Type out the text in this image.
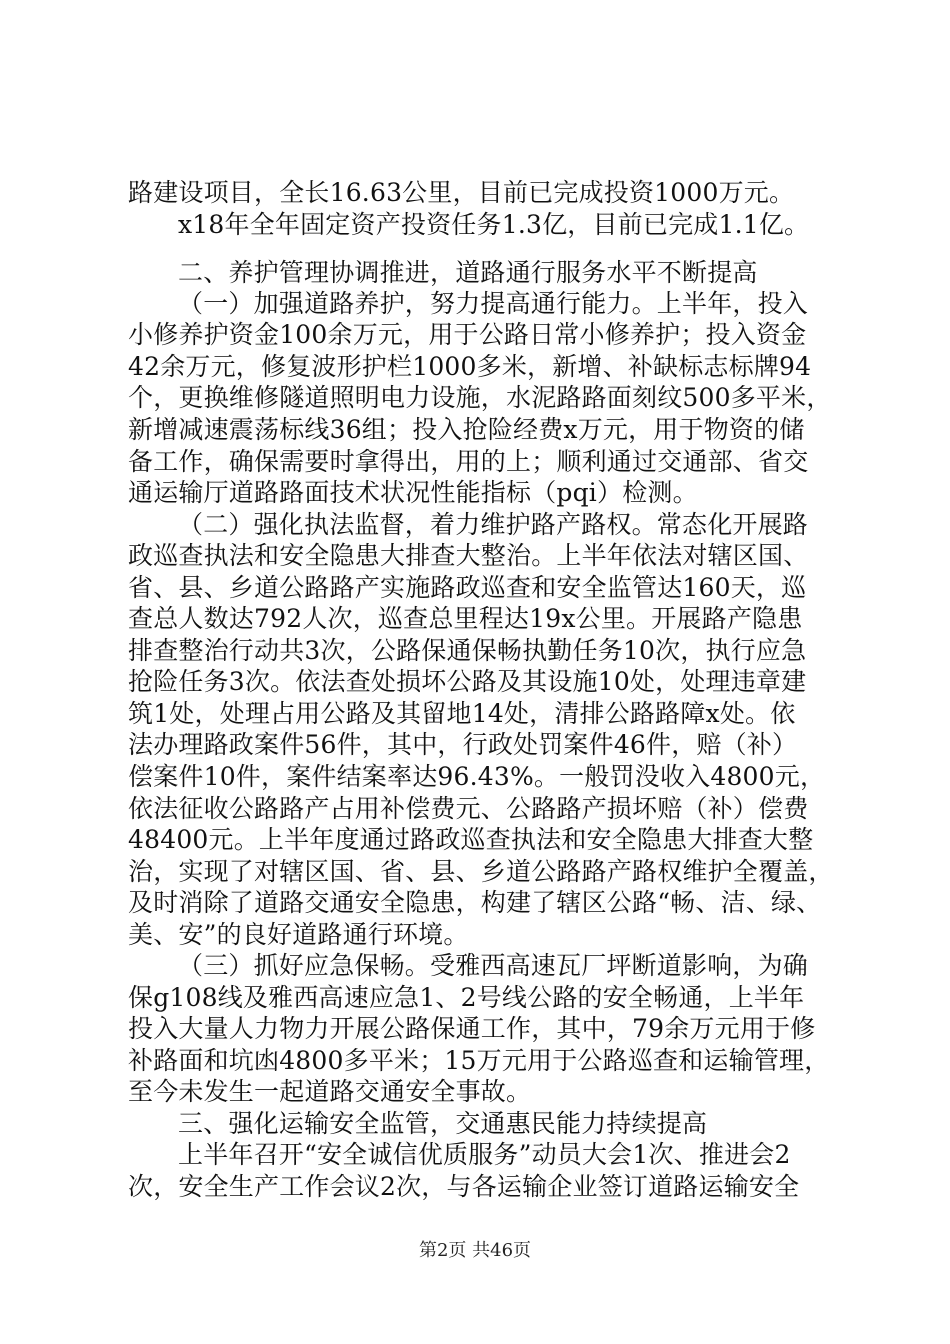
路建设项目，全长16.63公里，目前已完成投资1000万元。
x18年全年固定资产投资任务1.3亿，目前已完成1.1亿。
二、养护管理协调推进，道路通行服务水平不断提高
（一）加强道路养护，努力提高通行能力。上半年，投入
小修养护资金100余万元，用于公路日常小修养护；投入资金
42余万元，修复波形护栏1000多米，新增、补缺标志标牌94
个，更换维修隧道照明电力设施，水泥路路面刻纹500多平米，
新增减速震荡标线36组；投入抢险经费x万元，用于物资的储
备工作，确保需要时拿得出，用的上；顺利通过交通部、省交
通运输厅道路路面技术状况性能指标（pqi）检测。
（二）强化执法监督，着力维护路产路权。常态化开展路
政巡查执法和安全隐患大排查大整治。上半年依法对辖区国、
省、县、乡道公路路产实施路政巡查和安全监管达160天，巡
查总人数达792人次，巡查总里程达19x公里。开展路产隐患
排查整治行动共3次，公路保通保畅执勤任务10次，执行应急
抢险任务3次。依法查处损坏公路及其设施10处，处理违章建
筑1处，处理占用公路及其留地14处，清排公路路障x处。依
法办理路政案件56件，其中，行政处罚案件46件，赔（补）
偿案件10件，案件结案率达96.43%。一般罚没收入4800元，
依法征收公路路产占用补偿费元、公路路产损坏赔（补）偿费
48400元。上半年度通过路政巡查执法和安全隐患大排查大整
治，实现了对辖区国、省、县、乡道公路路产路权维护全覆盖，
及时消除了道路交通安全隐患，构建了辖区公路“畅、洁、绿、
美、安”的良好道路通行环境。
（三）抓好应急保畅。受雅西高速瓦厂坪断道影响，为确
保g108线及雅西高速应急1、2号线公路的安全畅通，上半年
投入大量人力物力开展公路保通工作，其中，79余万元用于修
补路面和坑凼4800多平米；15万元用于公路巡查和运输管理，
至今未发生一起道路交通安全事故。
三、强化运输安全监管，交通惠民能力持续提高
上半年召开“安全诚信优质服务”动员大会1次、推进会2
次，安全生产工作会议2次，与各运输企业签订道路运输安全
第2页 共46页
